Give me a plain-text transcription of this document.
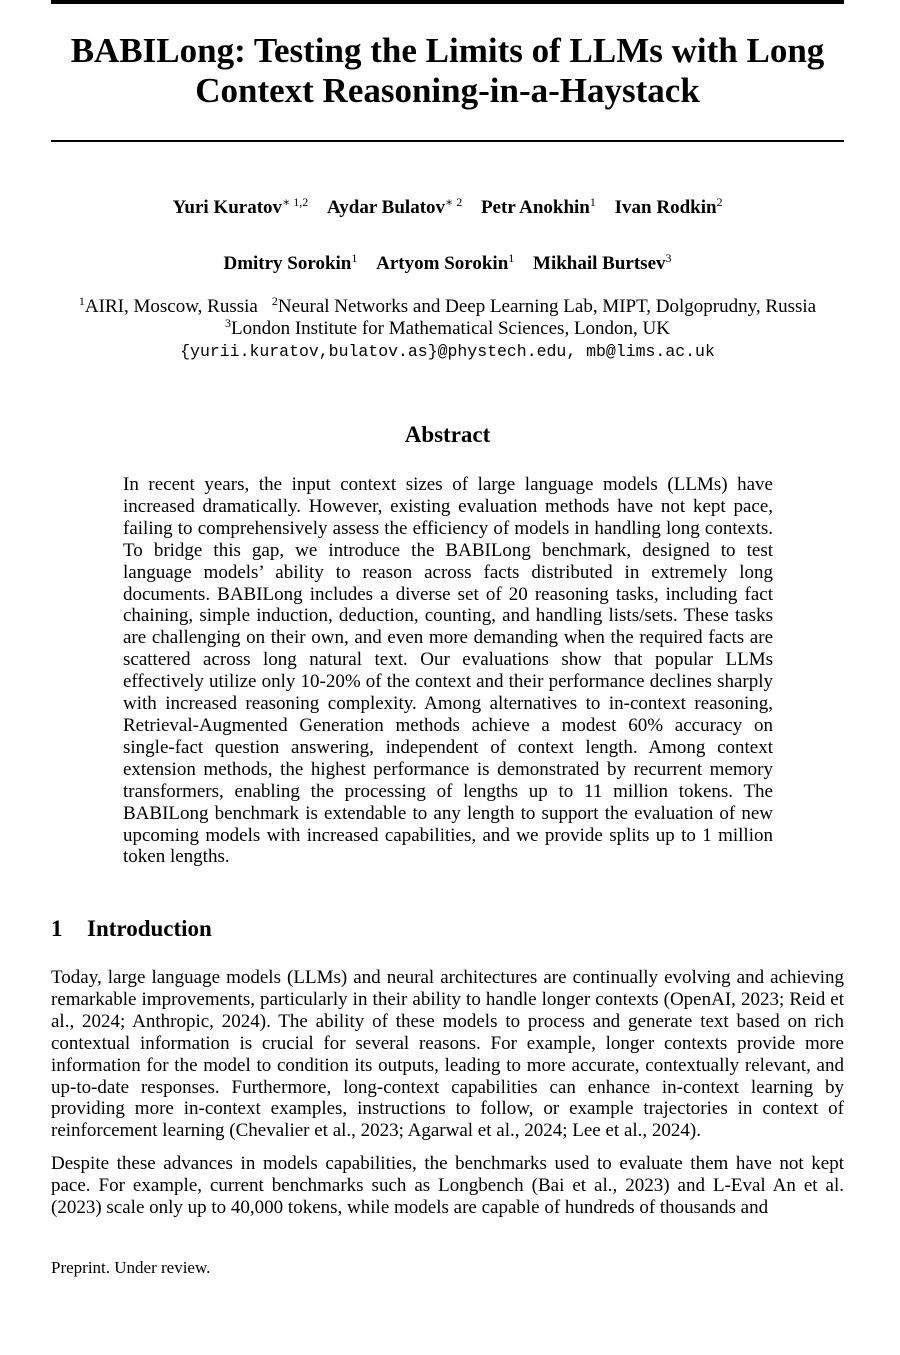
BABILong: Testing the Limits of LLMs with Long Context Reasoning-in-a-Haystack
Yuri Kuratov$^{∗ 1,2}$ Aydar Bulatov$^{∗ 2}$ Petr Anokhin$^1$ Ivan Rodkin$^2$
Dmitry Sorokin$^1$ Artyom Sorokin$^1$ Mikhail Burtsev$^3$
$^1$AIRI, Moscow, Russia $^2$Neural Networks and Deep Learning Lab, MIPT, Dolgoprudny, Russia
$^3$London Institute for Mathematical Sciences, London, UK
{yurii.kuratov,bulatov.as}@phystech.edu, mb@lims.ac.uk
Abstract
In recent years, the input context sizes of large language models (LLMs) have increased dramatically. However, existing evaluation methods have not kept pace, failing to comprehensively assess the efficiency of models in handling long contexts. To bridge this gap, we introduce the BABILong benchmark, designed to test language models’ ability to reason across facts distributed in extremely long documents. BABILong includes a diverse set of 20 reasoning tasks, including fact chaining, simple induction, deduction, counting, and handling lists/sets. These tasks are challenging on their own, and even more demanding when the required facts are scattered across long natural text. Our evaluations show that popular LLMs effectively utilize only 10-20% of the context and their performance declines sharply with increased reasoning complexity. Among alternatives to in-context reasoning, Retrieval-Augmented Generation methods achieve a modest 60% accuracy on single-fact question answering, independent of context length. Among context extension methods, the highest performance is demonstrated by recurrent memory transformers, enabling the processing of lengths up to 11 million tokens. The BABILong benchmark is extendable to any length to support the evaluation of new upcoming models with increased capabilities, and we provide splits up to 1 million token lengths.
1 Introduction

Today, large language models (LLMs) and neural architectures are continually evolving and achieving remarkable improvements, particularly in their ability to handle longer contexts (OpenAI, 2023; Reid et al., 2024; Anthropic, 2024). The ability of these models to process and generate text based on rich contextual information is crucial for several reasons. For example, longer contexts provide more information for the model to condition its outputs, leading to more accurate, contextually relevant, and up-to-date responses. Furthermore, long-context capabilities can enhance in-context learning by providing more in-context examples, instructions to follow, or example trajectories in context of reinforcement learning (Chevalier et al., 2023; Agarwal et al., 2024; Lee et al., 2024).

Despite these advances in models capabilities, the benchmarks used to evaluate them have not kept pace. For example, current benchmarks such as Longbench (Bai et al., 2023) and L-Eval An et al. (2023) scale only up to 40,000 tokens, while models are capable of hundreds of thousands and

Preprint. Under review.
